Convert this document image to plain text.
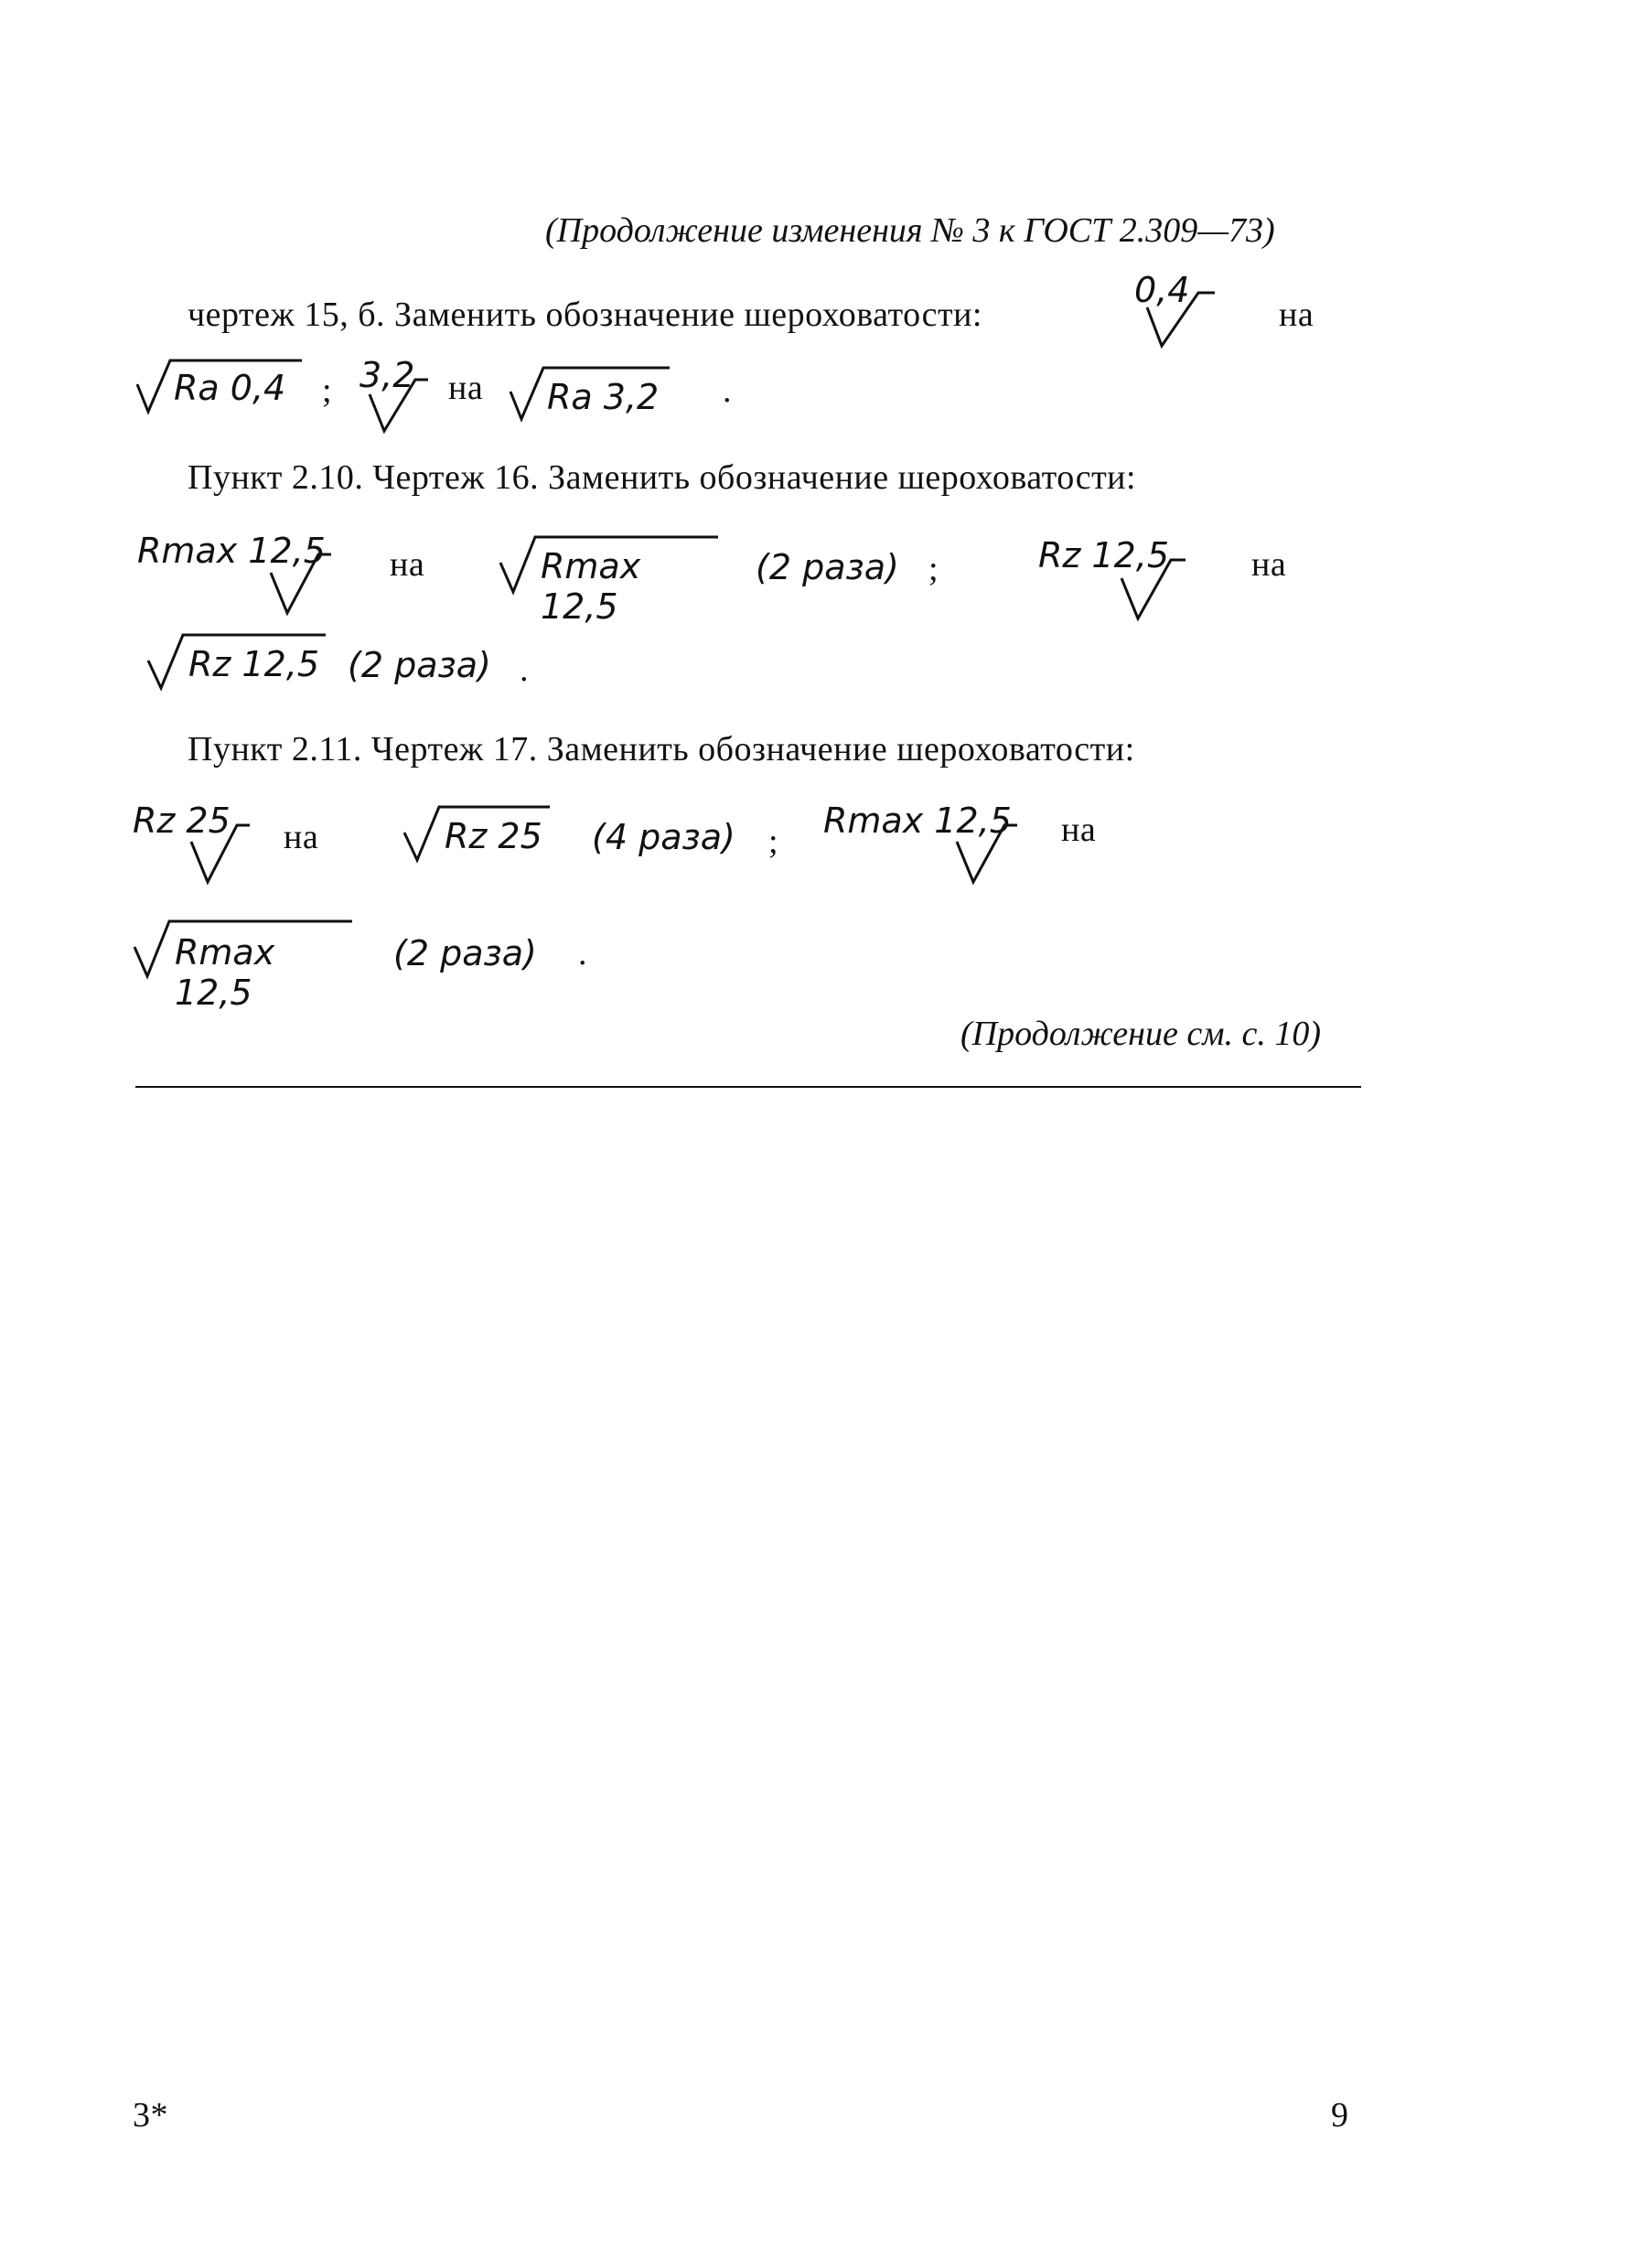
(Продолжение изменения № 3 к ГОСТ 2.309—73)
чертеж 15, б. Заменить обозначение шероховатости:
0,4
на
Ra 0,4 ; 3,2 на Ra 3,2 .
Пункт 2.10. Чертеж 16. Заменить обозначение шероховатости:
Rmax 12,5 на	Rmax 12,5
(2 раза) ;	Rz 12,5 на
Rz 12,5 (2 раза) .
Пункт 2.11. Чертеж 17. Заменить обозначение шероховатости:
Rz 25 на	Rz 25 (4 раза) ;
Rmax 12,5 на
Rmax 12,5
(2 раза) .
(Продолжение см. с. 10)
3*	9
